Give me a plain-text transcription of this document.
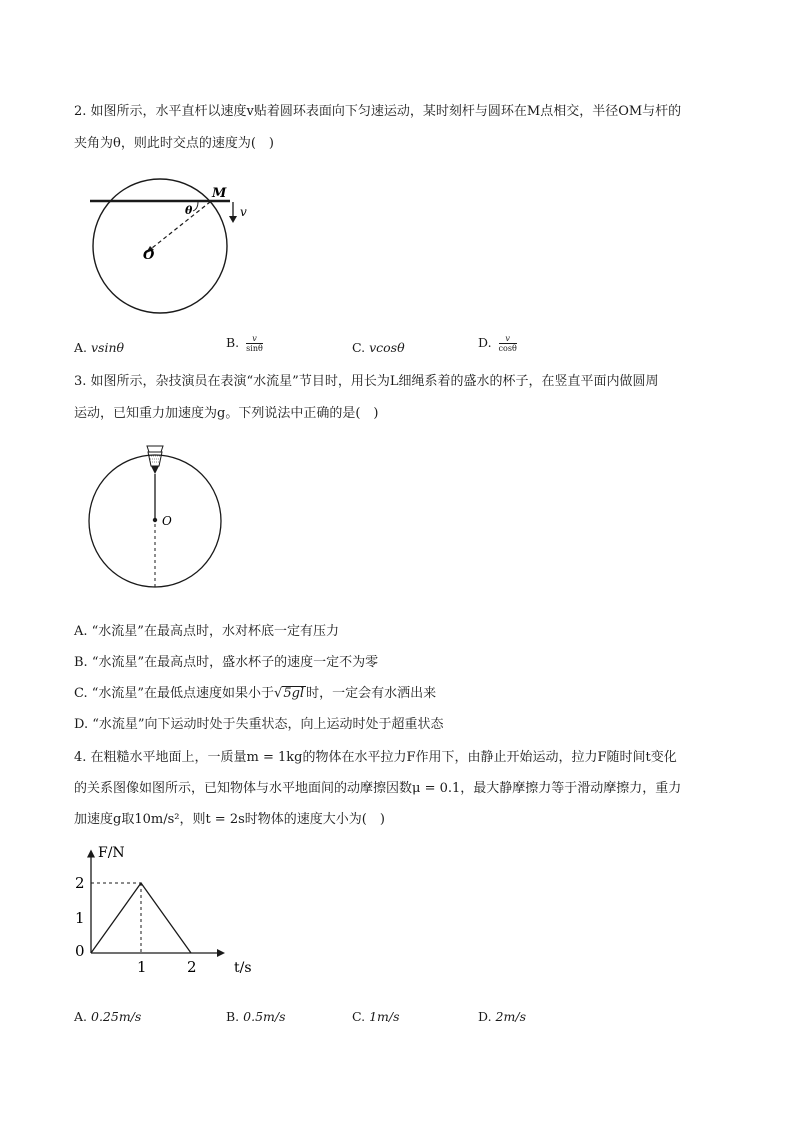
2. 如图所示，水平直杆以速度v贴着圆环表面向下匀速运动，某时刻杆与圆环在M点相交，半径OM与杆的
夹角为θ，则此时交点的速度为(　)
M
v
θ
O
A. vsinθ	B. $\frac{v}{\sin\theta}$	C. vcosθ	D. $\frac{v}{\cos\theta}$
3. 如图所示，杂技演员在表演“水流星”节目时，用长为L细绳系着的盛水的杯子，在竖直平面内做圆周
运动，已知重力加速度为g。下列说法中正确的是(　)
O
A. “水流星”在最高点时，水对杯底一定有压力
B. “水流星”在最高点时，盛水杯子的速度一定不为零
C. “水流星”在最低点速度如果小于√5gl 时，一定会有水洒出来
D. “水流星”向下运动时处于失重状态，向上运动时处于超重状态
4. 在粗糙水平地面上，一质量m = 1kg的物体在水平拉力F作用下，由静止开始运动，拉力F随时间t变化
的关系图像如图所示，已知物体与水平地面间的动摩擦因数μ = 0.1，最大静摩擦力等于滑动摩擦力，重力
加速度g取10m/s²，则t = 2s时物体的速度大小为(　)
1	2
0
1
2
F/N
t/s
A. 0.25m/s	B. 0.5m/s	C. 1m/s	D. 2m/s
